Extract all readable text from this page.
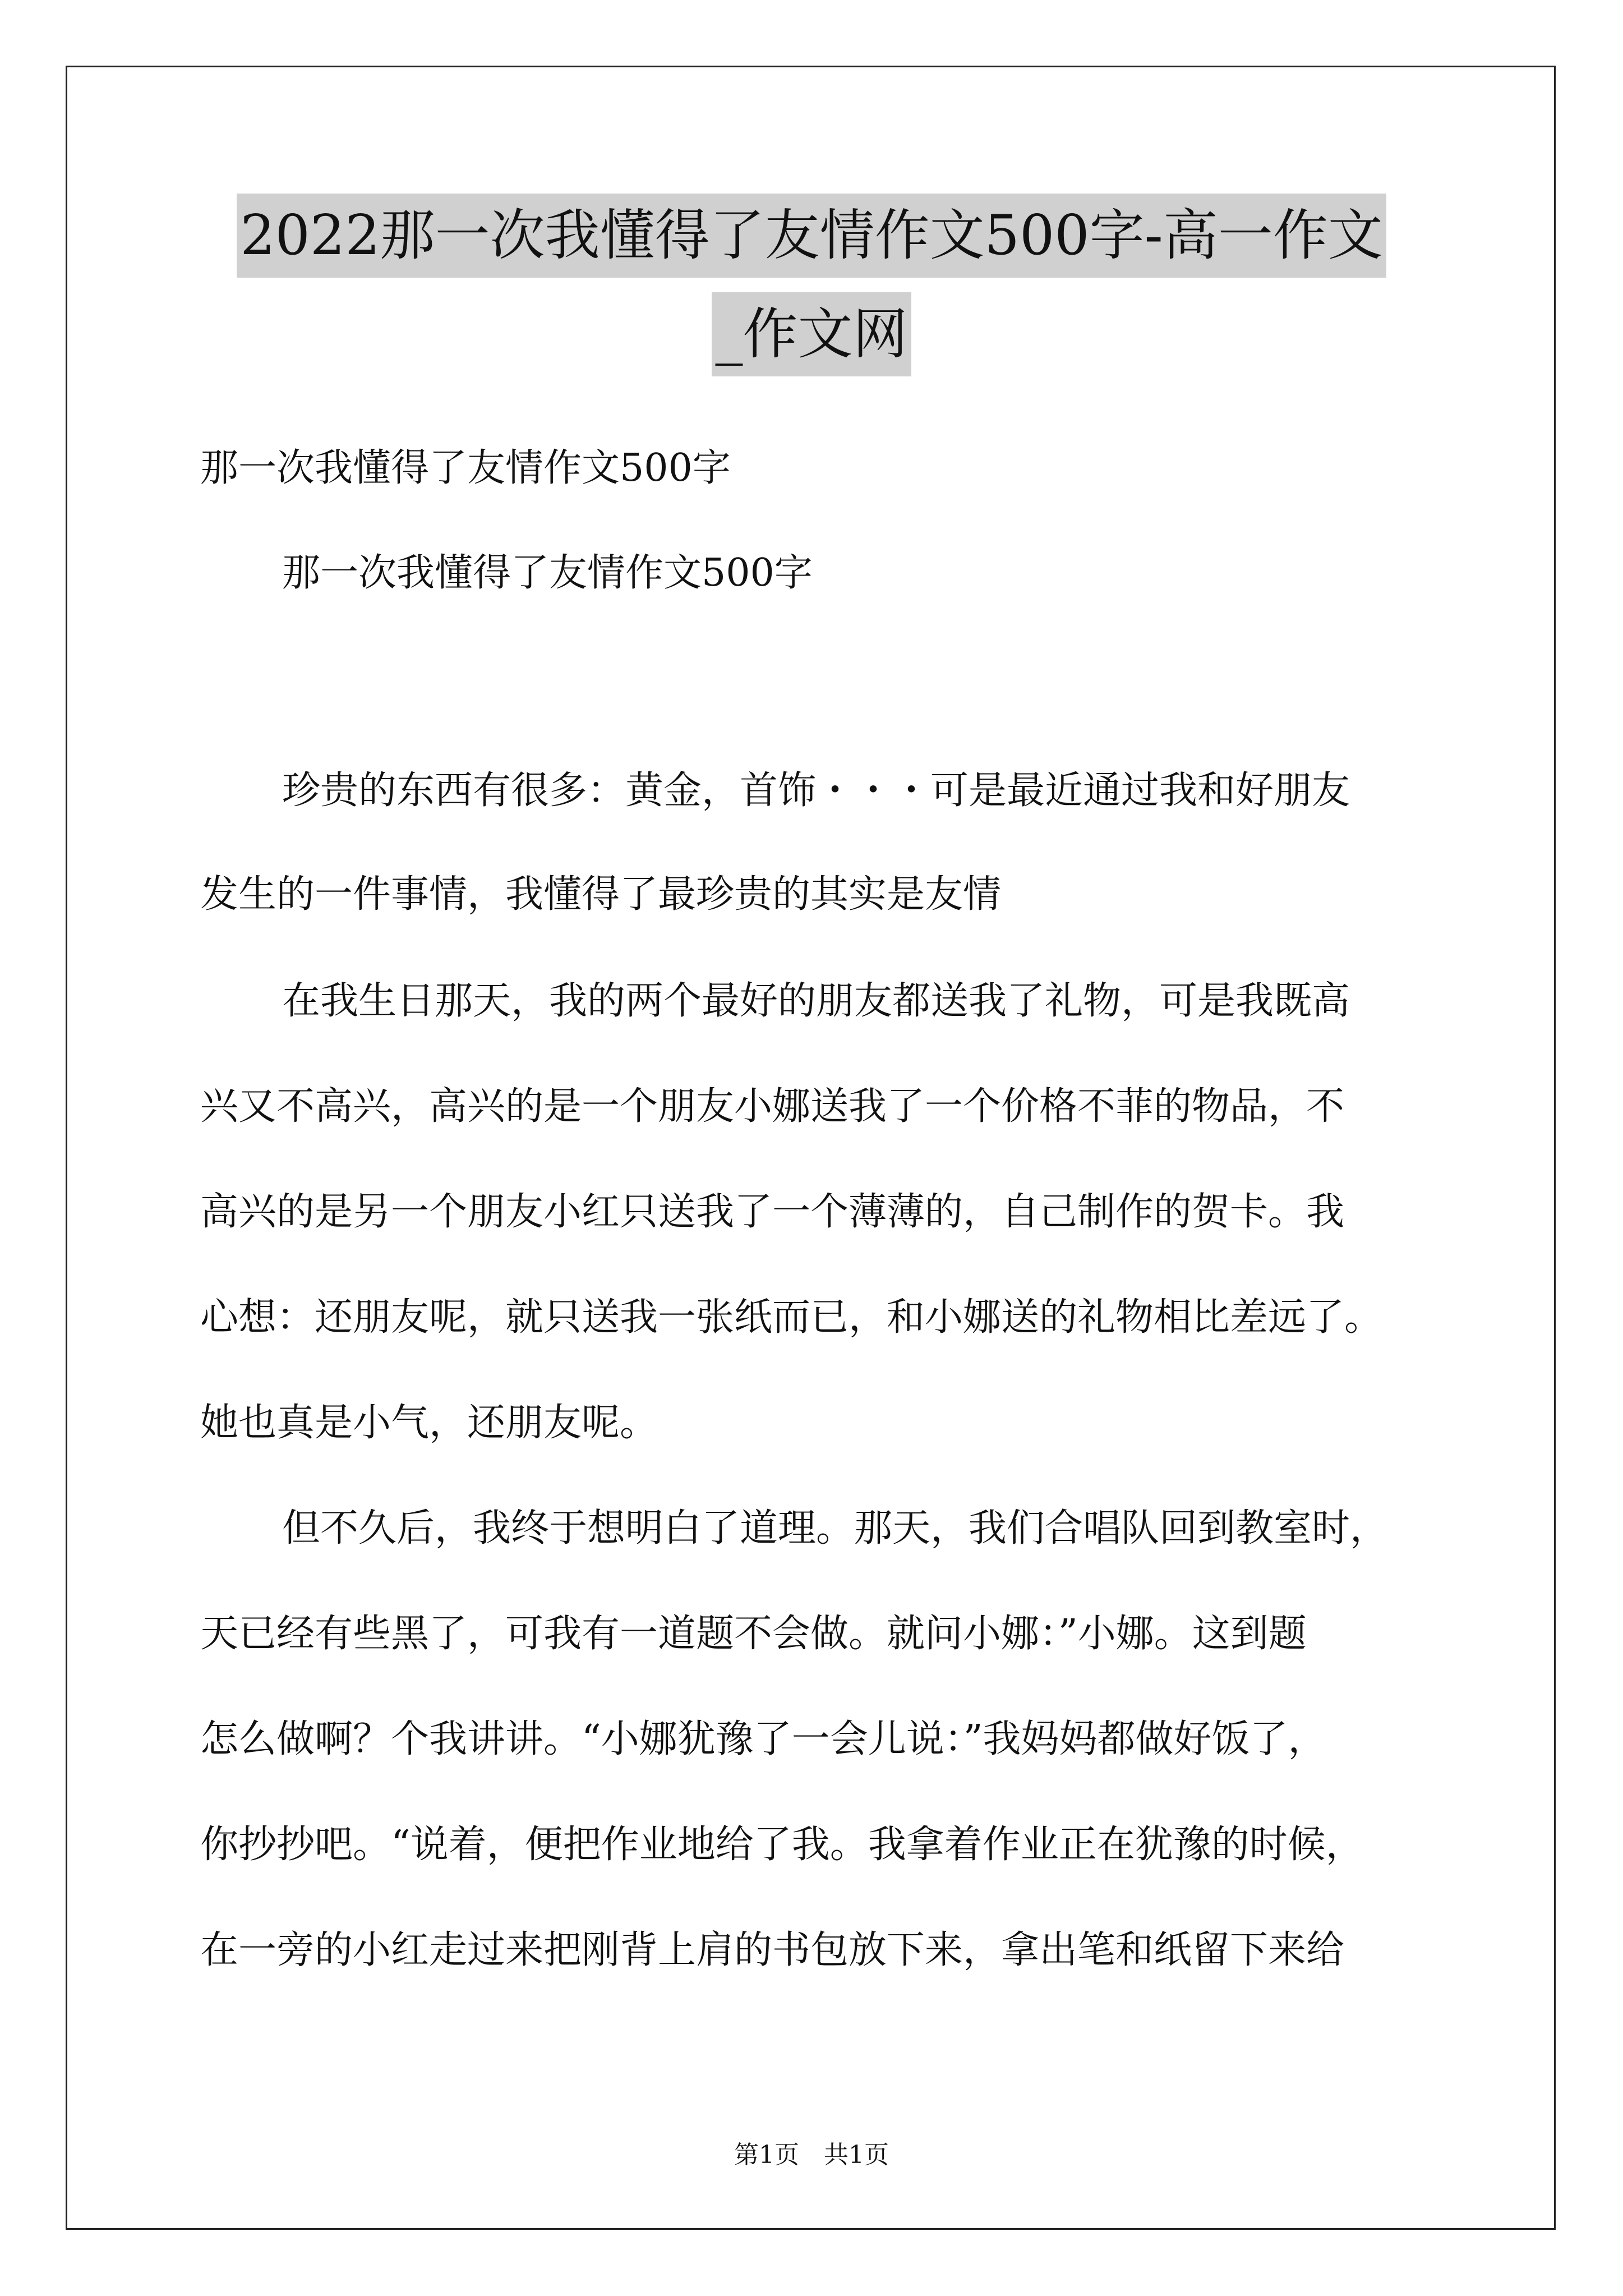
2022那一次我懂得了友情作文500字-高一作文
_作文网
那一次我懂得了友情作文500字
那一次我懂得了友情作文500字
珍贵的东西有很多：黄金，首饰・・・可是最近通过我和好朋友
发生的一件事情，我懂得了最珍贵的其实是友情
在我生日那天，我的两个最好的朋友都送我了礼物，可是我既高
兴又不高兴，高兴的是一个朋友小娜送我了一个价格不菲的物品，不
高兴的是另一个朋友小红只送我了一个薄薄的，自己制作的贺卡。我
心想：还朋友呢，就只送我一张纸而已，和小娜送的礼物相比差远了。
她也真是小气，还朋友呢。
但不久后，我终于想明白了道理。那天，我们合唱队回到教室时，
天已经有些黑了，可我有一道题不会做。就问小娜：”小娜。这到题
怎么做啊？个我讲讲。“小娜犹豫了一会儿说：”我妈妈都做好饭了，
你抄抄吧。“说着，便把作业地给了我。我拿着作业正在犹豫的时候，
在一旁的小红走过来把刚背上肩的书包放下来，拿出笔和纸留下来给
第1页　共1页
